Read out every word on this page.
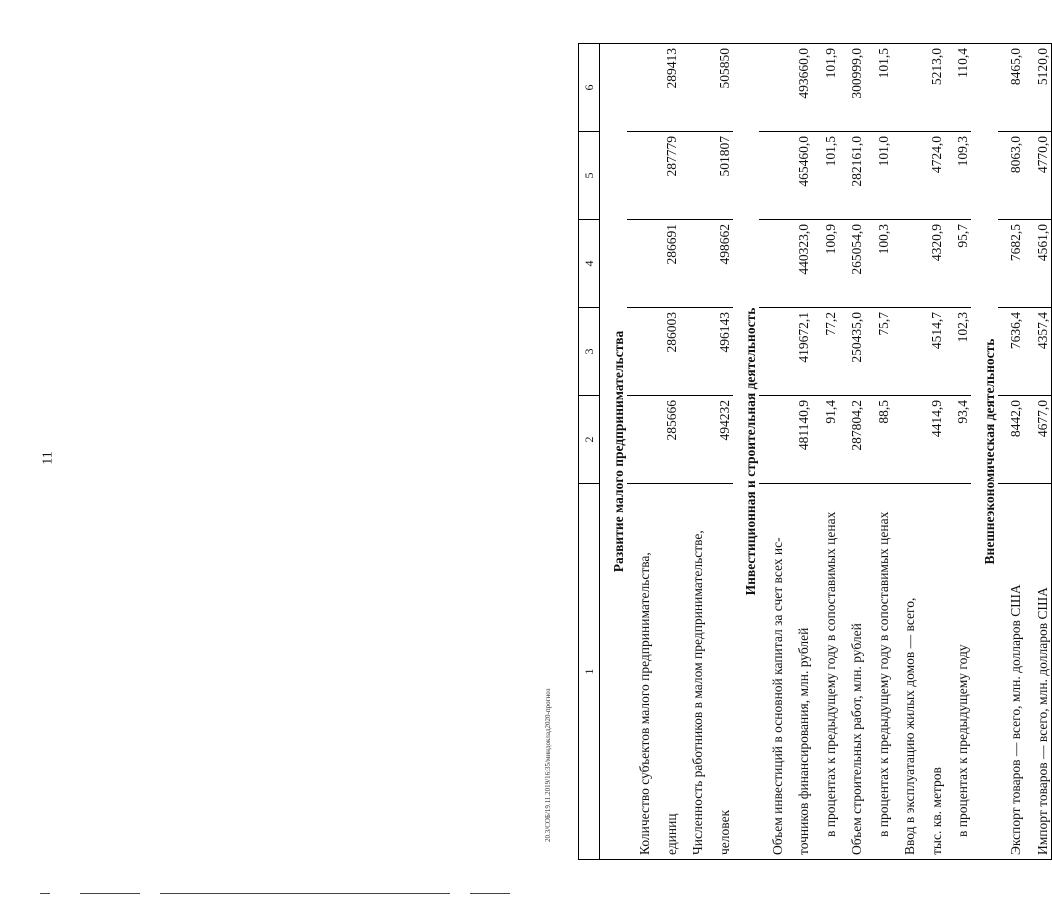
11
1	2	3	4	5	6
Развитие малого предпринимательства					
Количество субъектов малого предпринимательства,					
единиц	285666	286003	286691	287779	289413
Численность работников в малом предпринимательстве,					
человек	494232	496143	498662	501807	505850
Инвестиционная и строительная деятельность					
Объем инвестиций в основной капитал за счет всех ис-					
точников финансирования, млн. рублей	481140,9	419672,1	440323,0	465460,0	493660,0
в процентах к предыдущему году в сопоставимых ценах	91,4	77,2	100,9	101,5	101,9
Объем строительных работ, млн. рублей	287804,2	250435,0	265054,0	282161,0	300999,0
в процентах к предыдущему году в сопоставимых ценах	88,5	75,7	100,3	101,0	101,5
Ввод в эксплуатацию жилых домов — всего,					
тыс. кв. метров	4414,9	4514,7	4320,9	4724,0	5213,0
в процентах к предыдущему году	93,4	102,3	95,7	109,3	110,4
Внешнеэкономическая деятельность					
Экспорт товаров — всего, млн. долларов США	8442,0	7636,4	7682,5	8063,0	8465,0
Импорт товаров — всего, млн. долларов США	4677,0	4357,4	4561,0	4770,0	5120,0
20.3/СОБ/19.11.2019/16:35/миндоклад2020-прогноз
